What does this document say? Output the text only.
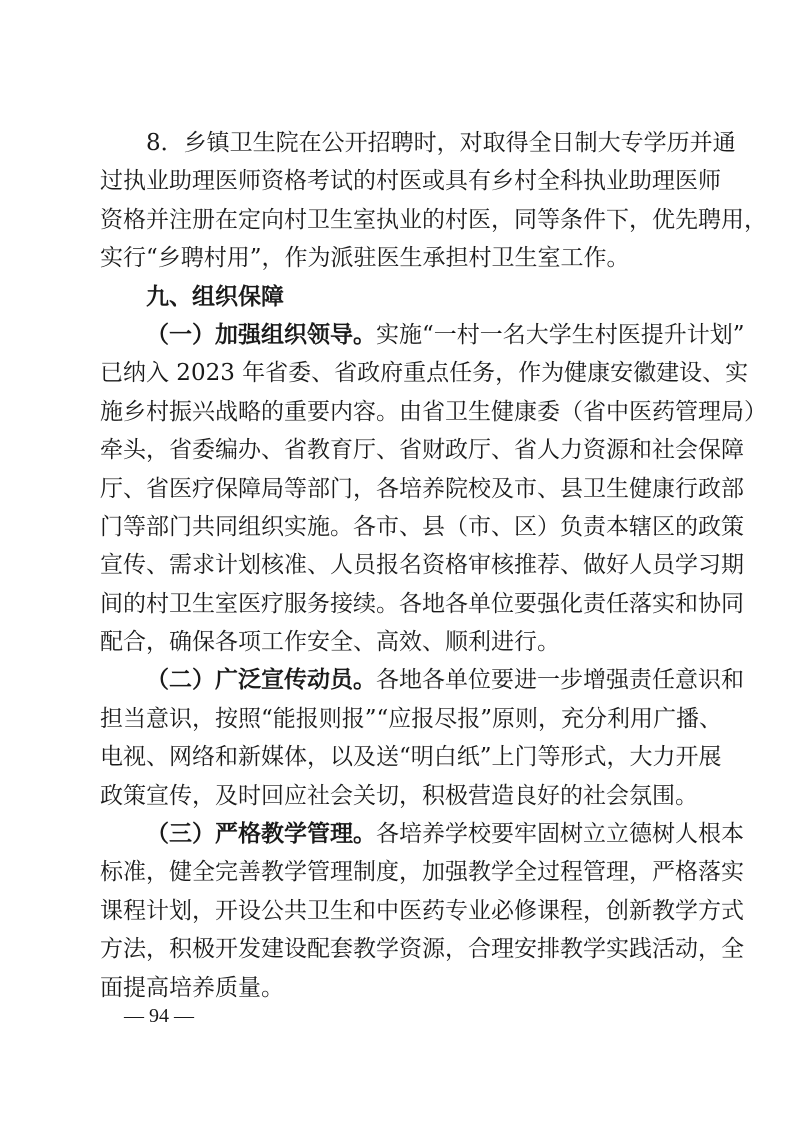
8．乡镇卫生院在公开招聘时，对取得全日制大专学历并通
过执业助理医师资格考试的村医或具有乡村全科执业助理医师
资格并注册在定向村卫生室执业的村医，同等条件下，优先聘用，
实行“乡聘村用”，作为派驻医生承担村卫生室工作。
九、组织保障
（一）加强组织领导。实施“一村一名大学生村医提升计划”
已纳入 2023 年省委、省政府重点任务，作为健康安徽建设、实
施乡村振兴战略的重要内容。由省卫生健康委（省中医药管理局）
牵头，省委编办、省教育厅、省财政厅、省人力资源和社会保障
厅、省医疗保障局等部门，各培养院校及市、县卫生健康行政部
门等部门共同组织实施。各市、县（市、区）负责本辖区的政策
宣传、需求计划核准、人员报名资格审核推荐、做好人员学习期
间的村卫生室医疗服务接续。各地各单位要强化责任落实和协同
配合，确保各项工作安全、高效、顺利进行。
（二）广泛宣传动员。各地各单位要进一步增强责任意识和
担当意识，按照“能报则报”“应报尽报”原则，充分利用广播、
电视、网络和新媒体，以及送“明白纸”上门等形式，大力开展
政策宣传，及时回应社会关切，积极营造良好的社会氛围。
（三）严格教学管理。各培养学校要牢固树立立德树人根本
标准，健全完善教学管理制度，加强教学全过程管理，严格落实
课程计划，开设公共卫生和中医药专业必修课程，创新教学方式
方法，积极开发建设配套教学资源，合理安排教学实践活动，全
面提高培养质量。
— 94 —
